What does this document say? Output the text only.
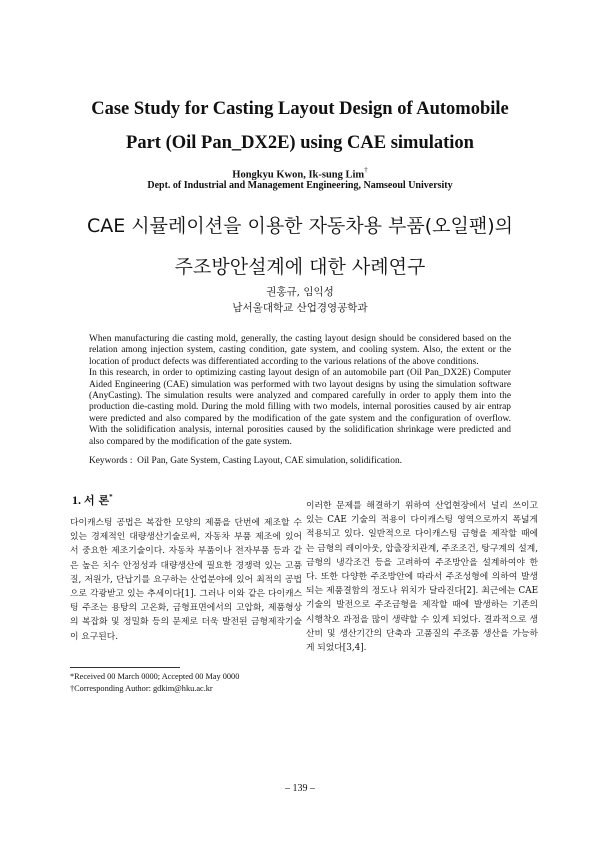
Case Study for Casting Layout Design of Automobile
Part (Oil Pan_DX2E) using CAE simulation
Hongkyu Kwon, Ik-sung Lim†
Dept. of Industrial and Management Engineering, Namseoul University
CAE 시뮬레이션을 이용한 자동차용 부품(오일팬)의
주조방안설계에 대한 사례연구
권홍규, 임익성
남서울대학교 산업경영공학과

When manufacturing die casting mold, generally, the casting layout design should be considered based on the relation among injection system, casting condition, gate system, and cooling system. Also, the extent or the location of product defects was differentiated according to the various relations of the above conditions.

In this research, in order to optimizing casting layout design of an automobile part (Oil Pan_DX2E) Computer Aided Engineering (CAE) simulation was performed with two layout designs by using the simulation software (AnyCasting). The simulation results were analyzed and compared carefully in order to apply them into the production die-casting mold. During the mold filling with two models, internal porosities caused by air entrap were predicted and also compared by the modification of the gate system and the configuration of overflow. With the solidification analysis, internal porosities caused by the solidification shrinkage were predicted and also compared by the modification of the gate system.

Keywords : Oil Pan, Gate System, Casting Layout, CAE simulation, solidification.
1. 서 론*

다이캐스팅 공법은 복잡한 모양의 제품을 단번에 제조할 수 있는 경제적인 대량생산기술로써, 자동차 부품 제조에 있어서 중요한 제조기술이다. 자동차 부품이나 전자부품 등과 같은 높은 치수 안정성과 대량생산에 필요한 경쟁력 있는 고품질, 저원가, 단납기를 요구하는 산업분야에 있어 최적의 공법으로 각광받고 있는 추세이다[1]. 그러나 이와 같은 다이캐스팅 주조는 용탕의 고온화, 금형표면에서의 고압화, 제품형상의 복잡화 및 정밀화 등의 문제로 더욱 발전된 금형제작기술이 요구된다.

이러한 문제를 해결하기 위하여 산업현장에서 널리 쓰이고 있는 CAE 기술의 적용이 다이캐스팅 영역으로까지 폭넓게 적용되고 있다. 일반적으로 다이캐스팅 금형을 제작할 때에는 금형의 레이아웃, 압출장치관계, 주조조건, 탕구계의 설계, 금형의 냉각조건 등을 고려하여 주조방안을 설계하여야 한다. 또한 다양한 주조방안에 따라서 주조성형에 의하여 발생되는 제품결함의 정도나 위치가 달라진다[2]. 최근에는 CAE 기술의 발전으로 주조금형을 제작할 때에 발생하는 기존의 시행착오 과정을 많이 생략할 수 있게 되었다. 결과적으로 생산비 및 생산기간의 단축과 고품질의 주조품 생산을 가능하게 되었다[3,4].

*Received 00 March 0000; Accepted 00 May 0000
†Corresponding Author: gdkim@hku.ac.kr
– 139 –
